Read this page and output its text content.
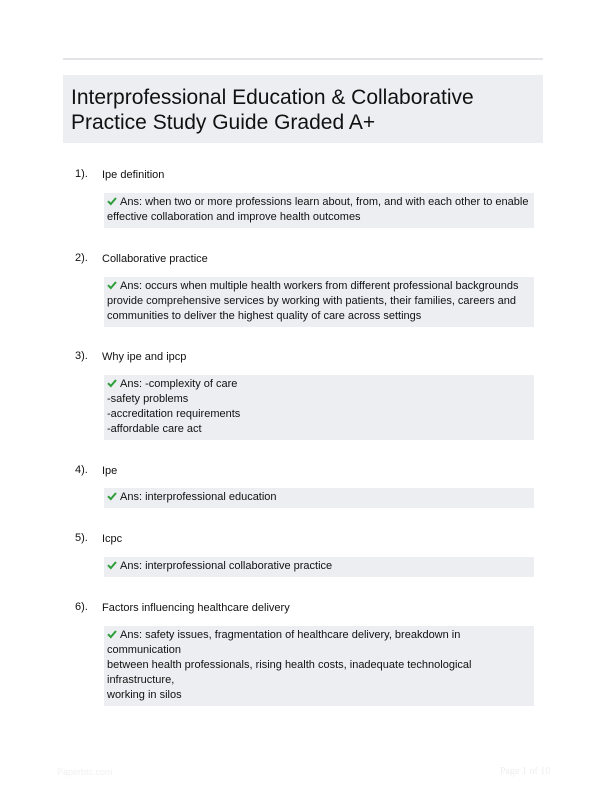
Interprofessional Education & Collaborative
Practice Study Guide Graded A+
1). Ipe definition
Ans: when two or more professions learn about, from, and with each other to enable
effective collaboration and improve health outcomes
2). Collaborative practice
Ans: occurs when multiple health workers from different professional backgrounds
provide comprehensive services by working with patients, their families, careers and
communities to deliver the highest quality of care across settings
3). Why ipe and ipcp
Ans: -complexity of care
-safety problems
-accreditation requirements
-affordable care act
4). Ipe
Ans: interprofessional education
5). Icpc
Ans: interprofessional collaborative practice
6). Factors influencing healthcare delivery
Ans: safety issues, fragmentation of healthcare delivery, breakdown in communication
between health professionals, rising health costs, inadequate technological infrastructure,
working in silos
Paperbtc.com	Page 1 of 10
